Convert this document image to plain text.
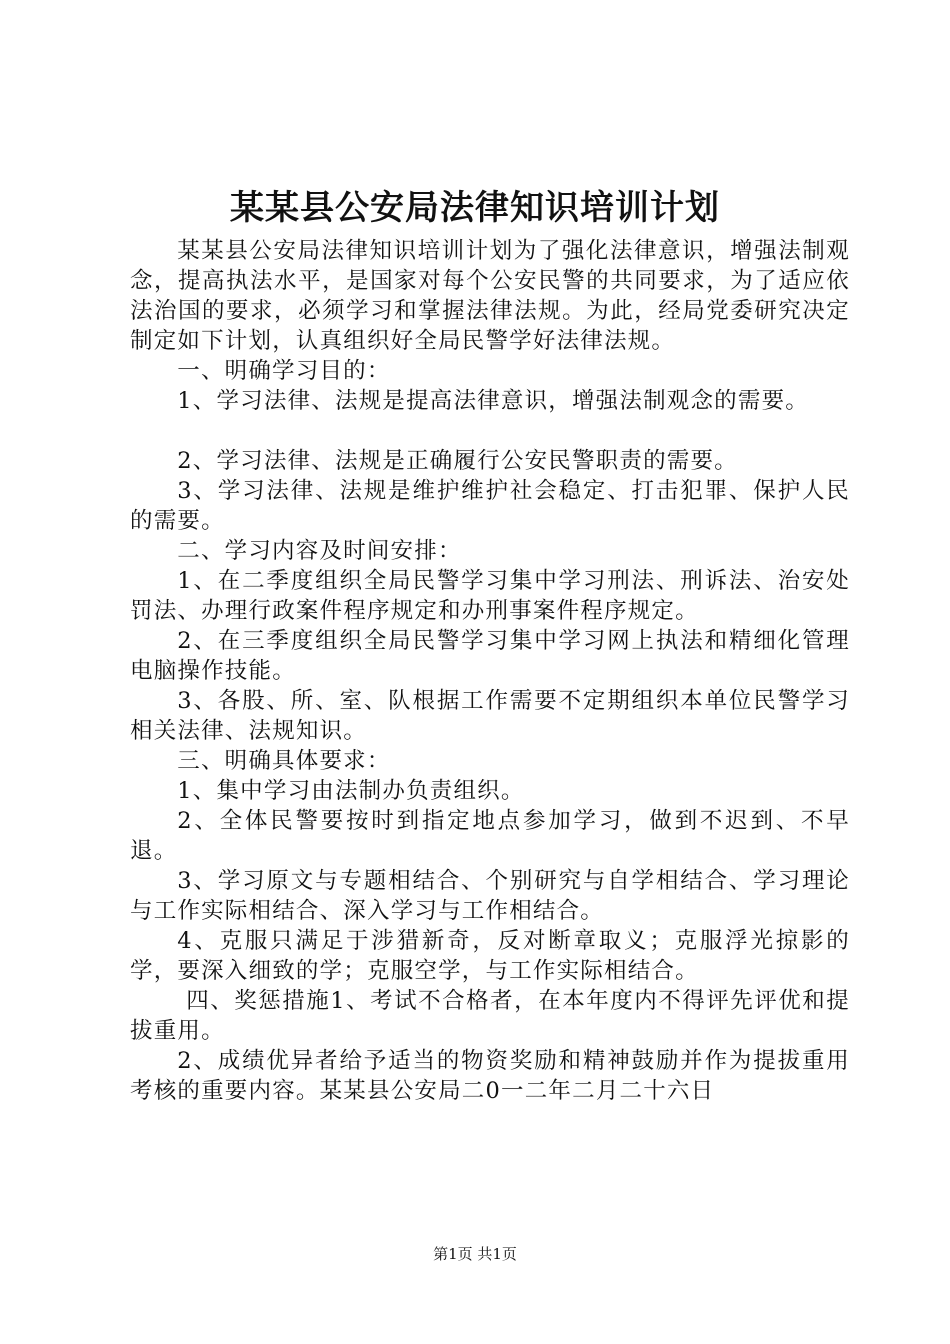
某某县公安局法律知识培训计划

某某县公安局法律知识培训计划为了强化法律意识，增强法制观念，提高执法水平，是国家对每个公安民警的共同要求，为了适应依法治国的要求，必须学习和掌握法律法规。为此，经局党委研究决定制定如下计划，认真组织好全局民警学好法律法规。

一、明确学习目的：

1、学习法律、法规是提高法律意识，增强法制观念的需要。

2、学习法律、法规是正确履行公安民警职责的需要。

3、学习法律、法规是维护维护社会稳定、打击犯罪、保护人民的需要。

二、学习内容及时间安排：

1、在二季度组织全局民警学习集中学习刑法、刑诉法、治安处罚法、办理行政案件程序规定和办刑事案件程序规定。

2、在三季度组织全局民警学习集中学习网上执法和精细化管理电脑操作技能。

3、各股、所、室、队根据工作需要不定期组织本单位民警学习相关法律、法规知识。

三、明确具体要求：

1、集中学习由法制办负责组织。

2、全体民警要按时到指定地点参加学习，做到不迟到、不早退。

3、学习原文与专题相结合、个别研究与自学相结合、学习理论与工作实际相结合、深入学习与工作相结合。

4、克服只满足于涉猎新奇，反对断章取义；克服浮光掠影的学，要深入细致的学；克服空学，与工作实际相结合。

四、奖惩措施1、考试不合格者，在本年度内不得评先评优和提拔重用。

2、成绩优异者给予适当的物资奖励和精神鼓励并作为提拔重用考核的重要内容。某某县公安局二0一二年二月二十六日

第1页 共1页
